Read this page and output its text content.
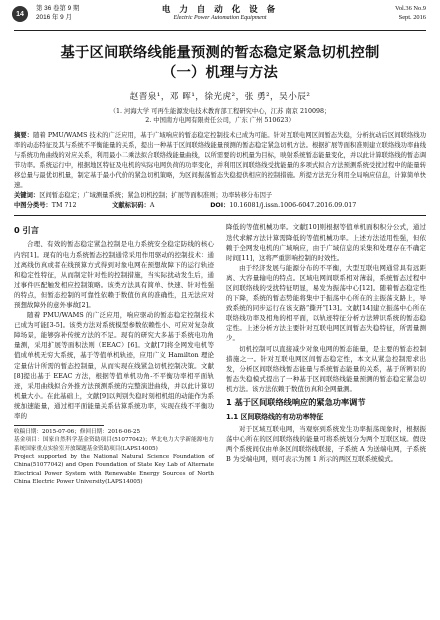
14
第 36 卷第 9 期
2016 年 9 月
电 力 自 动 化 设 备
Electric Power Automation Equipment
Vol.36 No.9
Sept. 2016
基于区间联络线能量预测的暂态稳定紧急切机控制
（一）机理与方法
赵晋泉¹，邓 晖¹，徐光虎²，张 勇²，吴小辰²
（1. 河海大学 可再生能源发电技术教育部工程研究中心，江苏 南京 210098；
2. 中国南方电网有限责任公司，广东 广州 510623）
摘要：随着 PMU/WAMS 技术的广泛应用，基于广域响应的暂态稳定控制技术已成为可能。针对互联电网区间暂态失稳，分析抗动后区间联络线功率的动态特征及其与系统不平衡能量的关系，提出一种基于区间联络线能量预测的暂态稳定紧急切机方法。根据扩展等面积准则建立联络线功率曲线与系统功角曲线的对应关系，利用最小二乘法拟合联络线能量曲线，以所需要的切机量为目标，映射系统暂态能量变化，并以此计算联络线的暂态调节功率。系统运行中，根据地区特征及电机的实际电网负荷的功率变化，并利用区间联络线受扰能量的多项式拟合方法预测系统受扰过程中的能量转移总量与最优切机量，制定基于最小代价的紧急切机策略，为区间振荡暂态失稳提供相应的控制措施。所提方法充分利用全局响应信息，计算简单快速。
关键词：区间暂态稳定；广域测量系统；紧急切机控制；扩展等面积准则；功率转移分布因子
中图分类号：TM 712	文献标识码：A	DOI：10.16081/j.issn.1006-6047.2016.09.017
0 引言

合理、有效的暂态稳定紧急控制是电力系统安全稳定防线的核心内容[1]。现有的电力系统暂态控制通常采用作用驱动的控制技术：通过离线仿真或者在线预算方式得到对象电网在预想故障下的运行轨迹和稳定性特征，从而制定针对性的控制措施，当实际扰动发生后，通过事件匹配触发相应控制策略。该类方法具有简单、快速、针对性强的特点，但暂态控制的可靠性依赖于数值仿真的准确性，且无法应对预想故障外的意外事故[2]。

随着 PMU/WAMS 的广泛应用，响应驱动的暂态稳定控制技术已成为可能[3-5]。该类方法对系统模型参数依赖性小、可应对复杂故障场景，能够弥补传统方法的不足。现有的研究大多基于系统电功角量测，采用扩展等面积法则（EEAC）[6]。文献[7]将全网发电机等值成单机无穷大系统，基于等值单机轨迹，应用广义 Hamilton 理论定量估计所需的暂态控制量，从而实现在线紧急切机控制决策。文献[8]提出基于 EEAC 方法，根据等值单机功角-不平衡功率相平面轨迹，采用曲线拟合外推方法预测系统的完整演进曲线，并以此计算切机量大小。在此基础上，文献[9]以判别失稳时刻相机组的动能作为系统加速能量，通过相平面能量关系估算系统功率，实现在线不平衡功率的

收稿日期：2015-07-06；修回日期：2016-06-25
基金项目：国家自然科学基金资助项目(51077042)；华北电力大学新能源电力系统国家重点实验室开放课题基金资助项目(LAPS14005)
Project supported by the National Natural Science Foundation of China(51077042) and Open Foundation of State Key Lab of Alternate Electrical Power System with Renewable Energy Sources of North China Electric Power University(LAPS14005)

降低的等值机械功率。文献[10]则根据等值单机面积积分公式，通过迭代求解方法计算需降低的等值机械功率。上述方法适用性强，但依赖于全网发电机的广域响应，由于广域信息的采集和处理存在不确定时间[11]，这将严重影响控制的时效性。

由于经济发展与能源分布的不平衡，大型互联电网通常具有远距离、大容量输电的特点。区域电网间联系相对薄弱，系统暂态过程中区间联络线的受扰特征明显，易发为振荡中心[12]。随着暂态稳定性的下降，系统的暂态势能将集中于振荡中心所在的主振荡支路上，导致系统的同步运行在该支路“撕开”[13]。文献[14]建立振荡中心所在联络线功率及相角的相平面，以轨迹特征分析方法辨识系统的暂态稳定性。上述分析方法主要针对互联电网区间暂态失稳特征，所需量测少。

切机控制可以直接减少对象电网的暂态能量，是主要的暂态控制措施之一。针对互联电网区间暂态稳定性，本文从紧急控制需求出发，分析区间联络线暂态能量与系统暂态能量的关系，基于所辨识的暂态失稳模式提出了一种基于区间联络线能量预测的暂态稳定紧急切机方法。该方法依赖于数值仿真和全网量测。

1 基于区间联络线响应的紧急功率调节
1.1 区间联络线的有功功率特征

对于区域互联电网，当观察到系统发生功率振荡现象时，根据振荡中心所在的区间联络线的能量可将系统划分为两个互联区域。假设两个系统间仅由单条区间联络线联接，子系统 A 为送端电网，子系统 B 为受端电网，则可表示为图 1 所示的两区互联系统模式。
